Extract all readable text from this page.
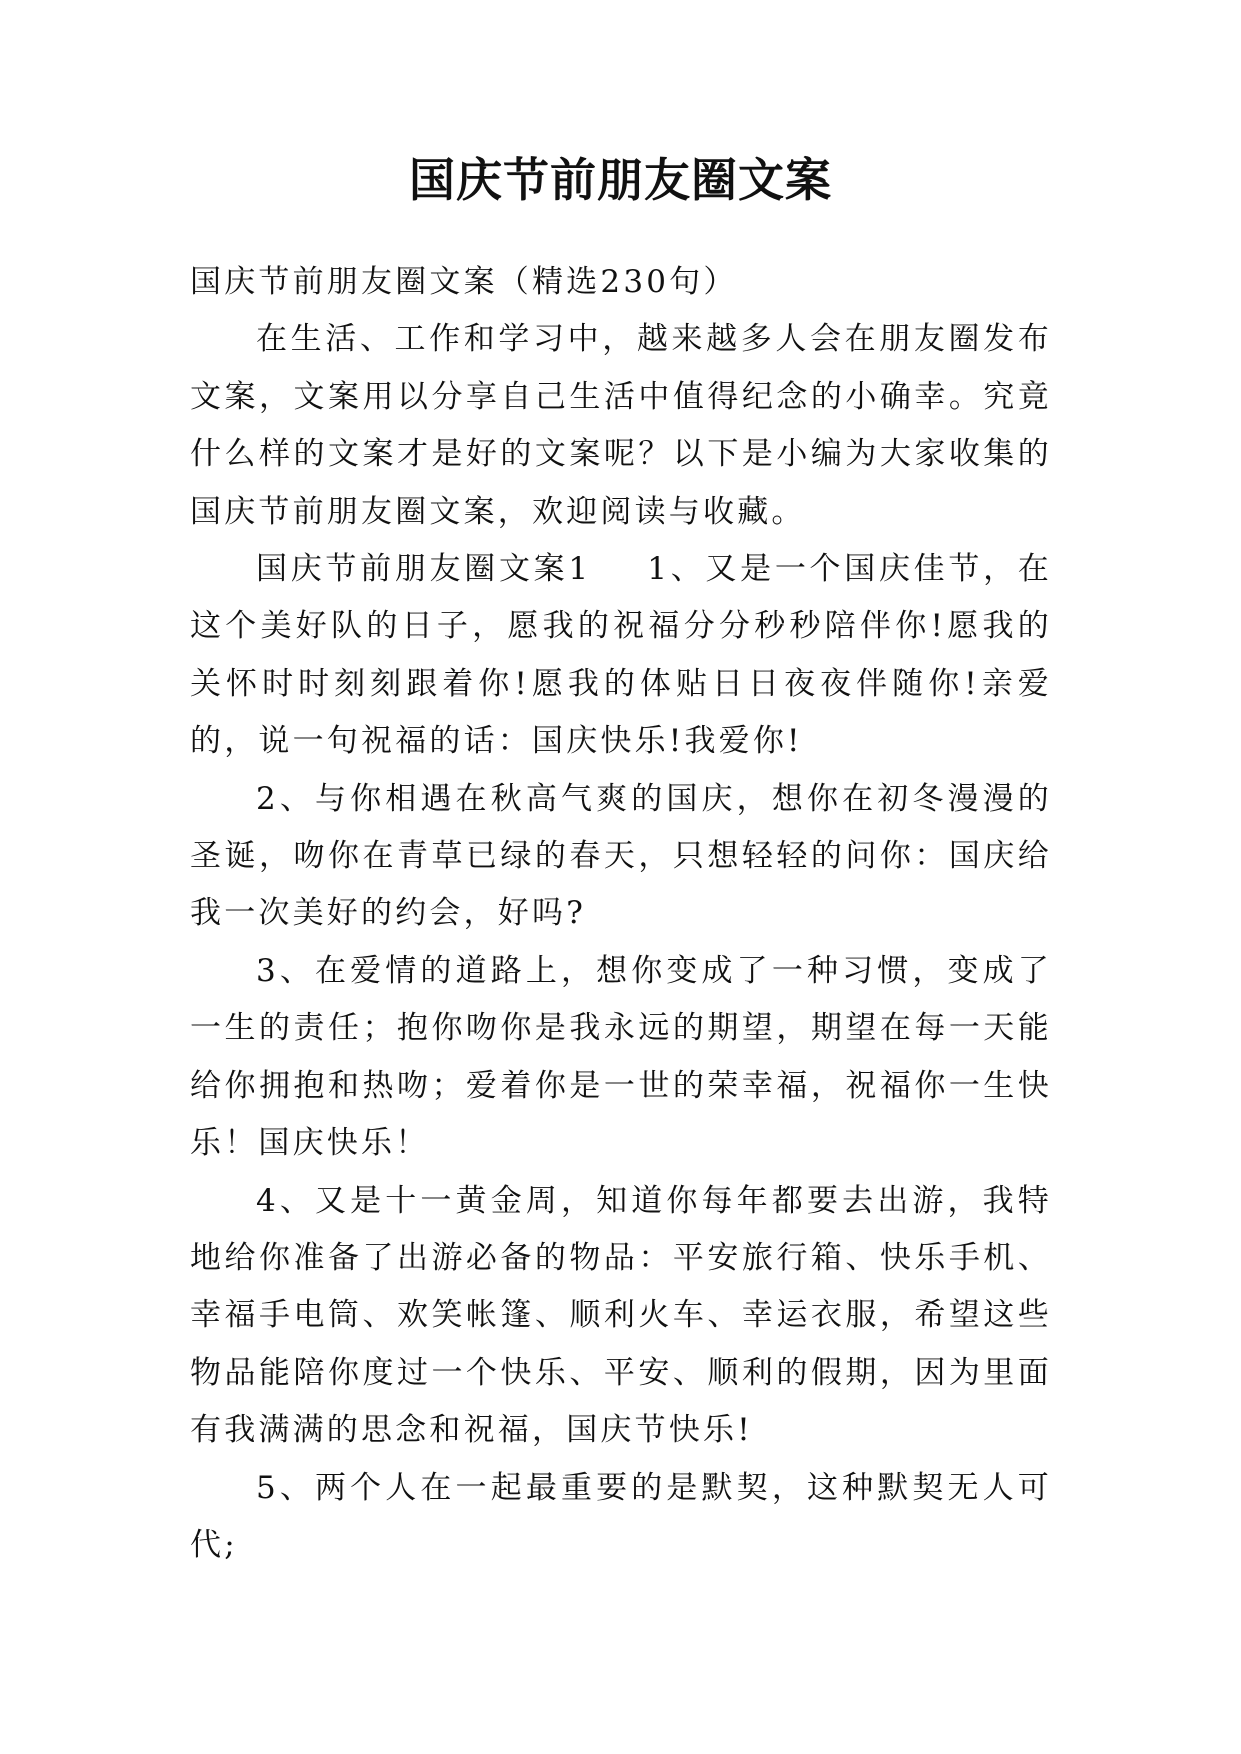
国庆节前朋友圈文案

国庆节前朋友圈文案（精选230句）

在生活、工作和学习中，越来越多人会在朋友圈发布文案，文案用以分享自己生活中值得纪念的小确幸。究竟什么样的文案才是好的文案呢？以下是小编为大家收集的国庆节前朋友圈文案，欢迎阅读与收藏。

国庆节前朋友圈文案1 1、又是一个国庆佳节，在这个美好队的日子，愿我的祝福分分秒秒陪伴你!愿我的关怀时时刻刻跟着你!愿我的体贴日日夜夜伴随你!亲爱的，说一句祝福的话：国庆快乐!我爱你!

2、与你相遇在秋高气爽的国庆，想你在初冬漫漫的圣诞，吻你在青草已绿的春天，只想轻轻的问你：国庆给我一次美好的约会，好吗?

3、在爱情的道路上，想你变成了一种习惯，变成了一生的责任；抱你吻你是我永远的期望，期望在每一天能给你拥抱和热吻；爱着你是一世的荣幸福，祝福你一生快乐！国庆快乐！

4、又是十一黄金周，知道你每年都要去出游，我特地给你准备了出游必备的物品：平安旅行箱、快乐手机、幸福手电筒、欢笑帐篷、顺利火车、幸运衣服，希望这些物品能陪你度过一个快乐、平安、顺利的假期，因为里面有我满满的思念和祝福，国庆节快乐!

5、两个人在一起最重要的是默契，这种默契无人可代;
